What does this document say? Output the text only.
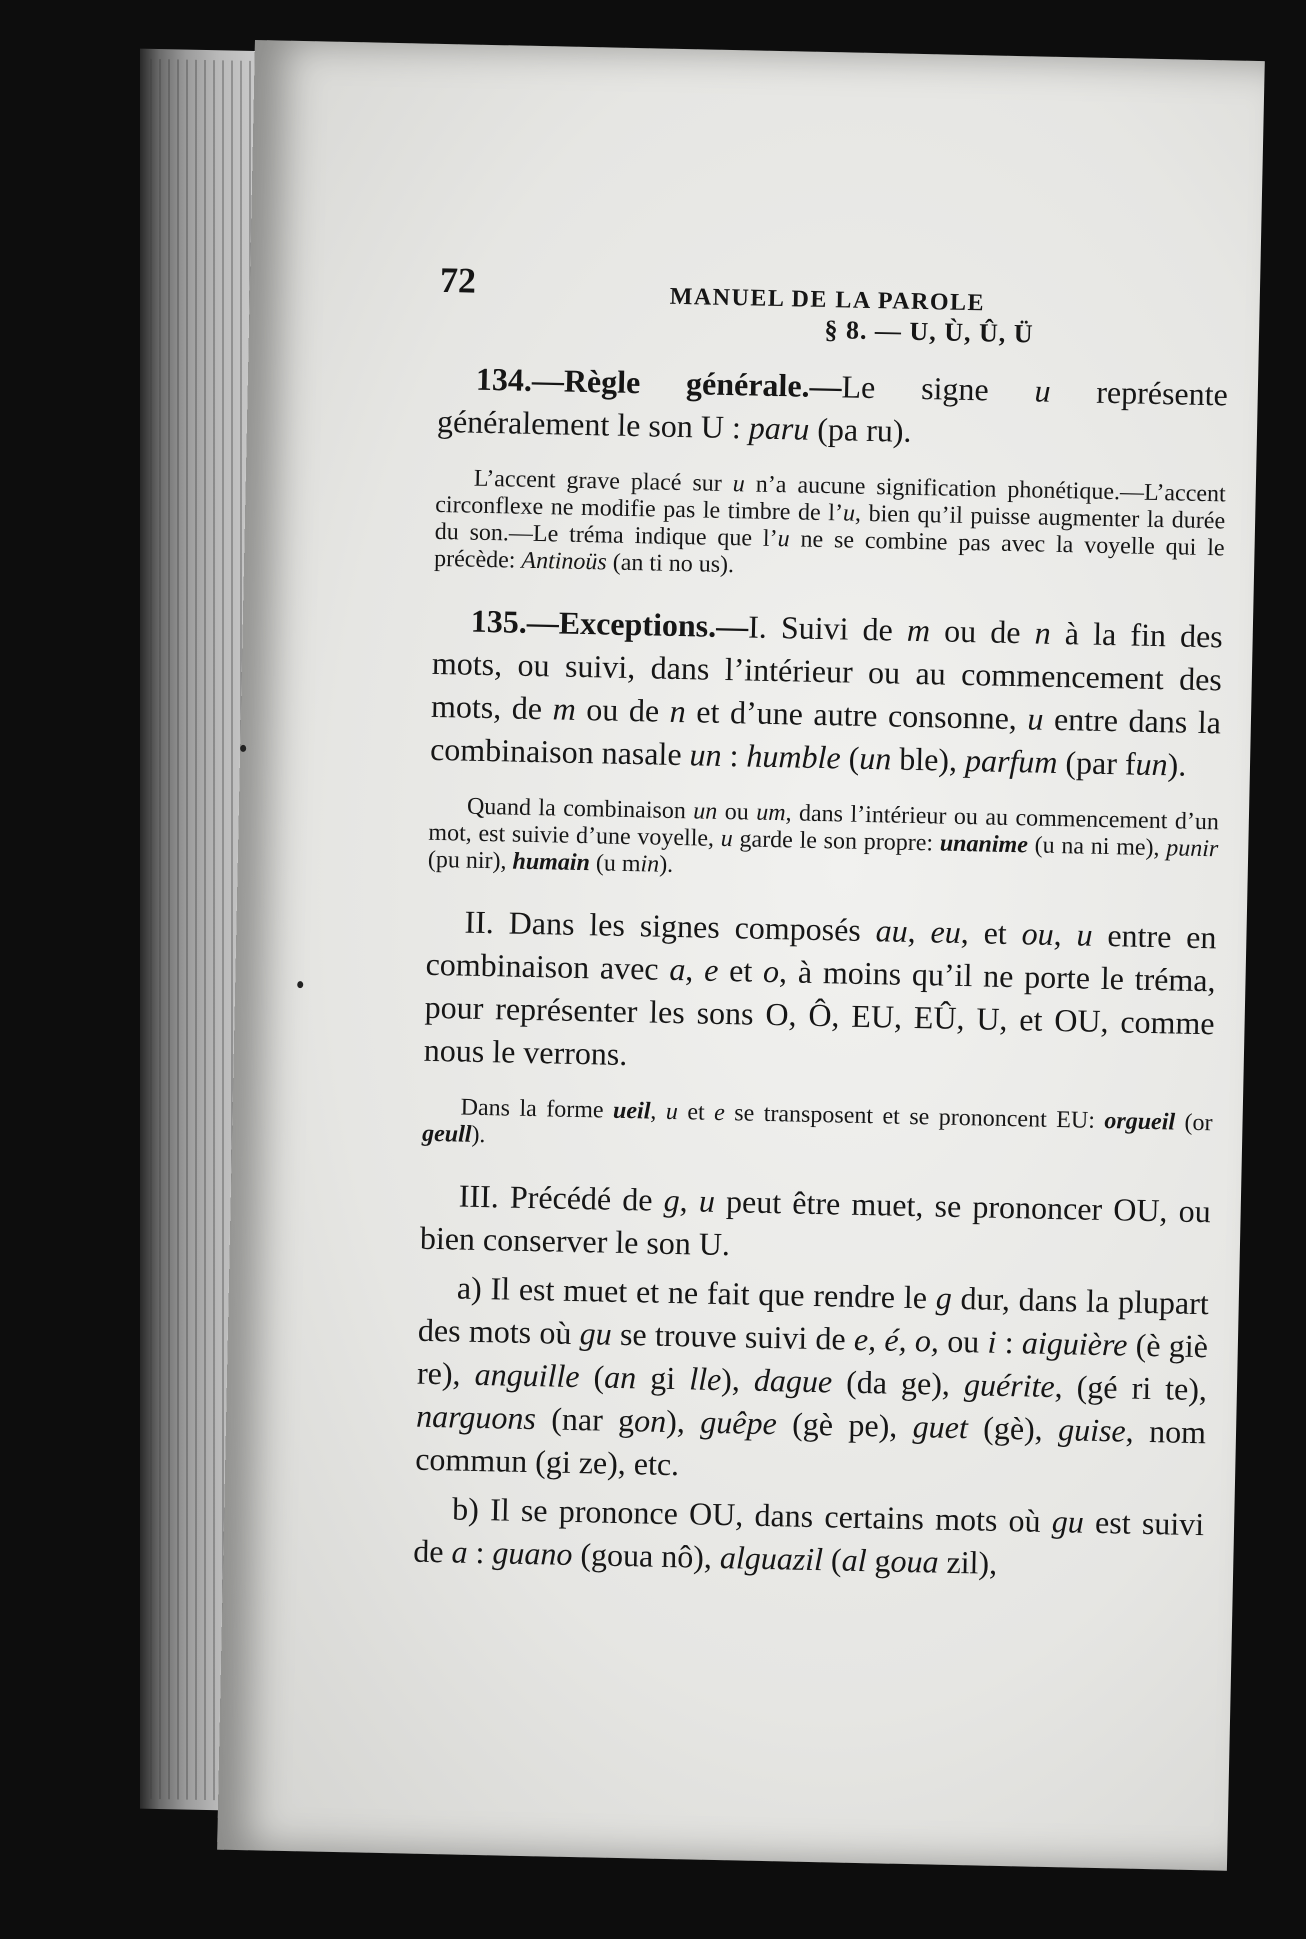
72	MANUEL DE LA PAROLE
§ 8. — U, Ù, Û, Ü

134.—Règle générale.—Le signe u représente généralement le son U : paru (pa ru).

L’accent grave placé sur u n’a aucune signification phonétique.—L’accent circonflexe ne modifie pas le timbre de l’u, bien qu’il puisse augmenter la durée du son.—Le tréma indique que l’u ne se combine pas avec la voyelle qui le précède: Antinoüs (an ti no us).

135.—Exceptions.—I. Suivi de m ou de n à la fin des mots, ou suivi, dans l’intérieur ou au commencement des mots, de m ou de n et d’une autre consonne, u entre dans la combinaison nasale un : humble (un ble), parfum (par fun).

Quand la combinaison un ou um, dans l’intérieur ou au commencement d’un mot, est suivie d’une voyelle, u garde le son propre: unanime (u na ni me), punir (pu nir), humain (u min).

II. Dans les signes composés au, eu, et ou, u entre en combinaison avec a, e et o, à moins qu’il ne porte le tréma, pour représenter les sons O, Ô, EU, EÛ, U, et OU, comme nous le verrons.

Dans la forme ueil, u et e se transposent et se prononcent EU: orgueil (or geull).

III. Précédé de g, u peut être muet, se prononcer OU, ou bien conserver le son U.

a) Il est muet et ne fait que rendre le g dur, dans la plupart des mots où gu se trouve suivi de e, é, o, ou i : aiguière (è giè re), anguille (an gi lle), dague (da ge), guérite, (gé ri te), narguons (nar gon), guêpe (gè pe), guet (gè), guise, nom commun (gi ze), etc.

b) Il se prononce OU, dans certains mots où gu est suivi de a : guano (goua nô), alguazil (al goua zil),
